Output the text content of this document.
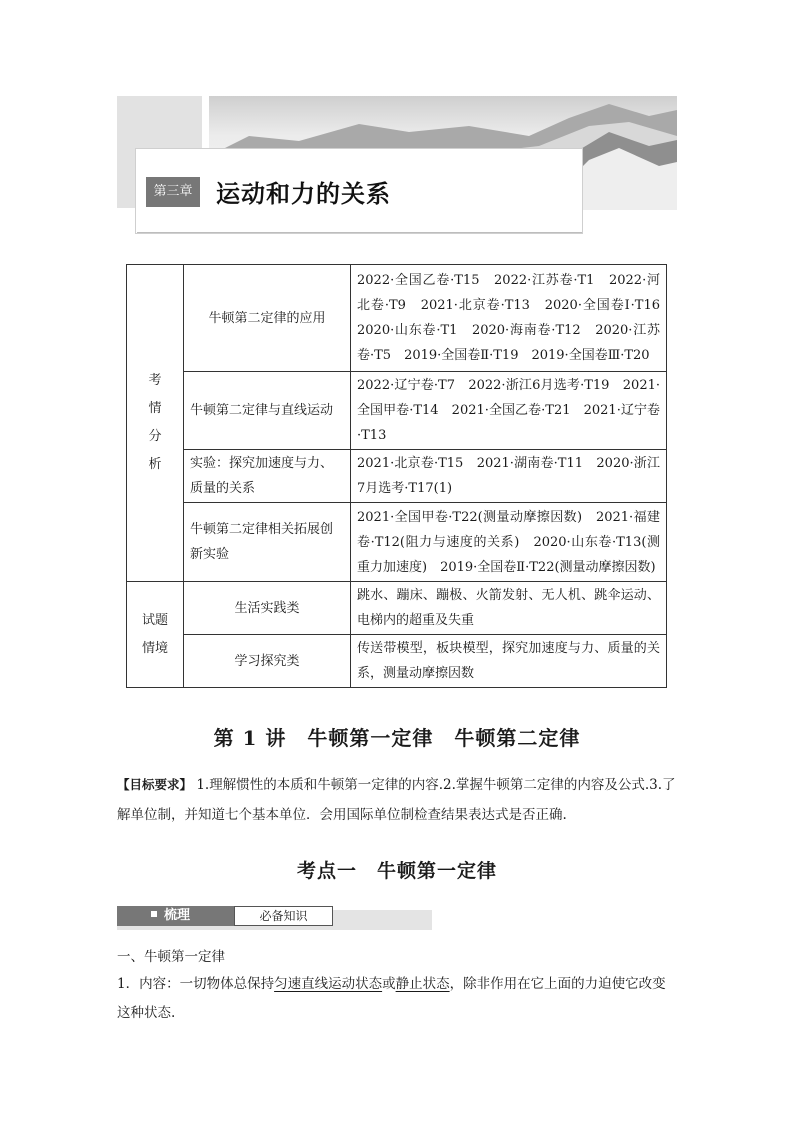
第三章 运动和力的关系
考
情
分
析	牛顿第二定律的应用	2022·全国乙卷·T15　2022·江苏卷·T1　2022·河北卷·T9　2021·北京卷·T13　2020·全国卷Ⅰ·T16　2020·山东卷·T1　2020·海南卷·T12　2020·江苏卷·T5　2019·全国卷Ⅱ·T19　2019·全国卷Ⅲ·T20
	牛顿第二定律与直线运动	2022·辽宁卷·T7　2022·浙江6月选考·T19　2021·全国甲卷·T14　2021·全国乙卷·T21　2021·辽宁卷·T13
	实验：探究加速度与力、质量的关系	2021·北京卷·T15　2021·湖南卷·T11　2020·浙江7月选考·T17(1)
	牛顿第二定律相关拓展创新实验	2021·全国甲卷·T22(测量动摩擦因数)　2021·福建卷·T12(阻力与速度的关系)　2020·山东卷·T13(测重力加速度)　2019·全国卷Ⅱ·T22(测量动摩擦因数)

试题
情境	生活实践类	跳水、蹦床、蹦极、火箭发射、无人机、跳伞运动、电梯内的超重及失重
	学习探究类	传送带模型，板块模型，探究加速度与力、质量的关系，测量动摩擦因数
第 1 讲　牛顿第一定律　牛顿第二定律
【目标要求】 1.理解惯性的本质和牛顿第一定律的内容.2.掌握牛顿第二定律的内容及公式.3.了解单位制，并知道七个基本单位．会用国际单位制检查结果表达式是否正确.
考点一　牛顿第一定律
梳理	必备知识
一、牛顿第一定律
1．内容：一切物体总保持匀速直线运动状态或静止状态，除非作用在它上面的力迫使它改变这种状态.
